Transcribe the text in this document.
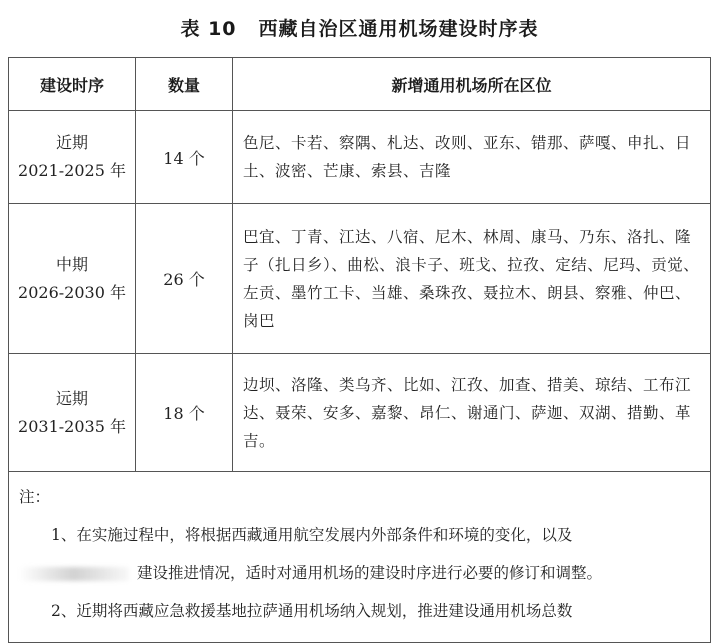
表 10 西藏自治区通用机场建设时序表
建设时序	数量	新增通用机场所在区位

近期
2021-2025 年	14 个	色尼、卡若、察隅、札达、改则、亚东、错那、萨嘎、申扎、日土、波密、芒康、索县、吉隆

中期
2026-2030 年	26 个	巴宜、丁青、江达、八宿、尼木、林周、康马、乃东、洛扎、隆子（扎日乡）、曲松、浪卡子、班戈、拉孜、定结、尼玛、贡觉、左贡、墨竹工卡、当雄、桑珠孜、聂拉木、朗县、察雅、仲巴、岗巴

远期
2031-2035 年	18 个	边坝、洛隆、类乌齐、比如、江孜、加查、措美、琼结、工布江达、聂荣、安多、嘉黎、昂仁、谢通门、萨迦、双湖、措勤、革吉。

注：
1、在实施过程中，将根据西藏通用航空发展内外部条件和环境的变化，以及
建设推进情况，适时对通用机场的建设时序进行必要的修订和调整。
2、近期将西藏应急救援基地拉萨通用机场纳入规划，推进建设通用机场总数		
